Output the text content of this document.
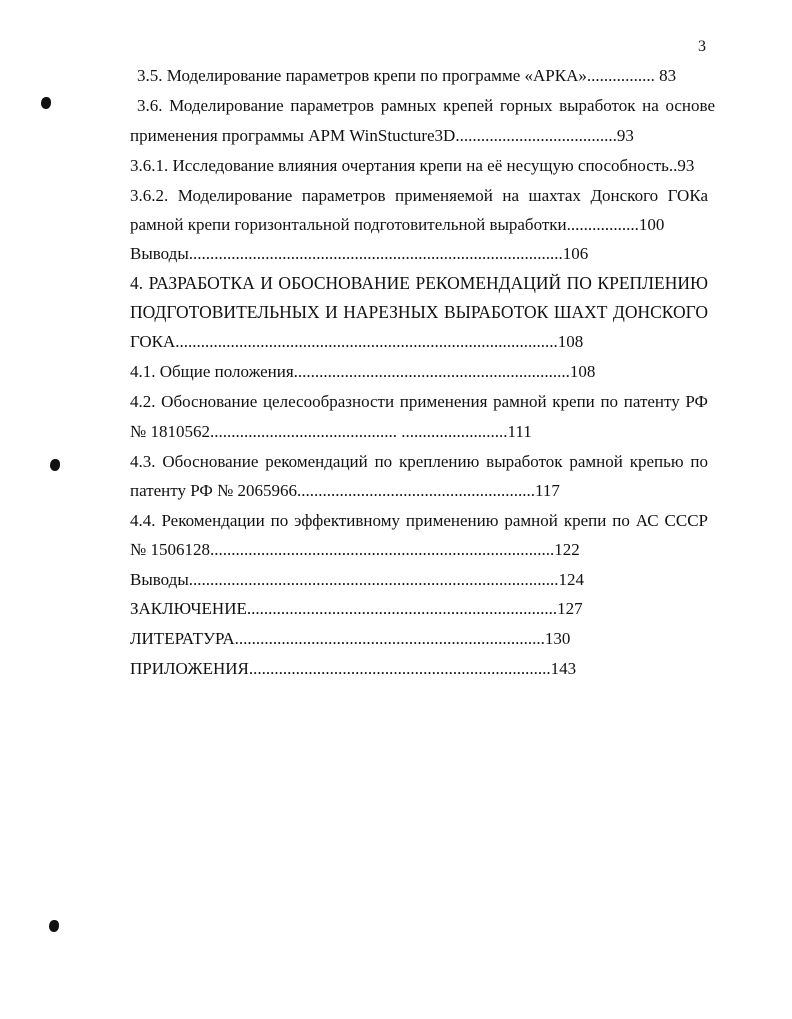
3
3.5. Моделирование параметров крепи по программе «АРКА»................ 83
3.6. Моделирование параметров рамных крепей горных выработок на основе
применения программы АРМ WinStucture3D......................................93
3.6.1. Исследование влияния очертания крепи на её несущую способность..93
3.6.2. Моделирование параметров применяемой на шахтах Донского ГОКа
рамной крепи горизонтальной подготовительной выработки.................100
Выводы........................................................................................106
4. РАЗРАБОТКА И ОБОСНОВАНИЕ РЕКОМЕНДАЦИЙ ПО КРЕПЛЕНИЮ
ПОДГОТОВИТЕЛЬНЫХ И НАРЕЗНЫХ ВЫРАБОТОК ШАХТ ДОНСКОГО
ГОКА..........................................................................................108
4.1. Общие положения.................................................................108
4.2. Обоснование целесообразности применения рамной крепи по патенту РФ
№ 1810562............................................ .........................111
4.3. Обоснование рекомендаций по креплению выработок рамной крепью по
патенту РФ № 2065966........................................................117
4.4. Рекомендации по эффективному применению рамной крепи по АС СССР
№ 1506128.................................................................................122
Выводы.......................................................................................124
ЗАКЛЮЧЕНИЕ.........................................................................127
ЛИТЕРАТУРА.........................................................................130
ПРИЛОЖЕНИЯ.......................................................................143
